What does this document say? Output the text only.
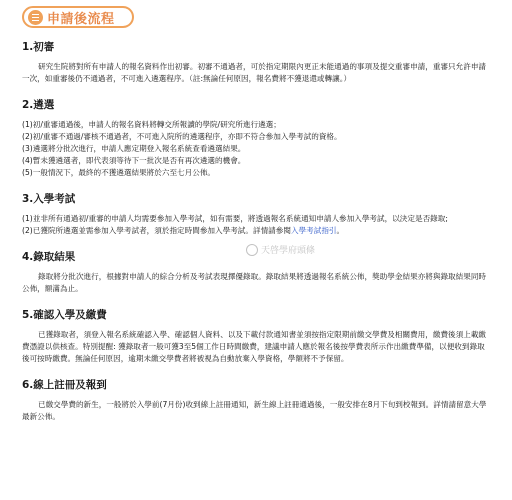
申請後流程

1.初審

研究生院將對所有申請人的報名資料作出初審。初審不通過者，可於指定期限內更正未能通過的事項及提交重審申請，重審只允許申請一次，如重審後仍不通過者，不可進入遴選程序。（註:無論任何原因，報名費將不獲退還或轉讓。）

2.遴選

(1)初/重審通過後，申請人的報名資料將轉交所報讀的學院/研究所進行遴選；

(2)初/重審不通過/審核不通過者，不可進入院所的遴選程序，亦即不符合參加入學考試的資格。

(3)遴選將分批次進行，申請人應定期登入報名系統查看遴選結果。

(4)暫未獲遴選者，即代表須等待下一批次是否有再次遴選的機會。

(5)一般情況下，最終的不獲遴選結果將於六至七月公佈。

3.入學考試

(1)並非所有通過初/重審的申請人均需要參加入學考試，如有需要，將透過報名系統通知申請人參加入學考試，以決定是否錄取;

(2)已獲院所遴選並需參加入學考試者，須於指定時間參加入學考試。詳情請參閱入學考試指引。

4.錄取結果

錄取將分批次進行，根據對申請人的綜合分析及考試表現擇優錄取。錄取結果將透過報名系統公佈，獎助學金結果亦將與錄取結果同時公佈，額滿為止。

5.確認入學及繳費

已獲錄取者，須登入報名系統確認入學、確認個人資料、以及下載付款通知書並須按指定限期前繳交學費及相關費用，繳費後須上載繳費憑證以供核查。特別提醒: 獲錄取者一般可獲3至5個工作日時間繳費，建議申請人應於報名後按學費表所示作出繳費準備，以便收到錄取後可按時繳費。無論任何原因，逾期未繳交學費者將被視為自動放棄入學資格，學額將不予保留。

6.線上註冊及報到

已繳交學費的新生，一般將於入學前(7月份)收到線上註冊通知，新生線上註冊通過後，一般安排在8月下旬到校報到。詳情請留意大學最新公佈。

天啓學府頭條
